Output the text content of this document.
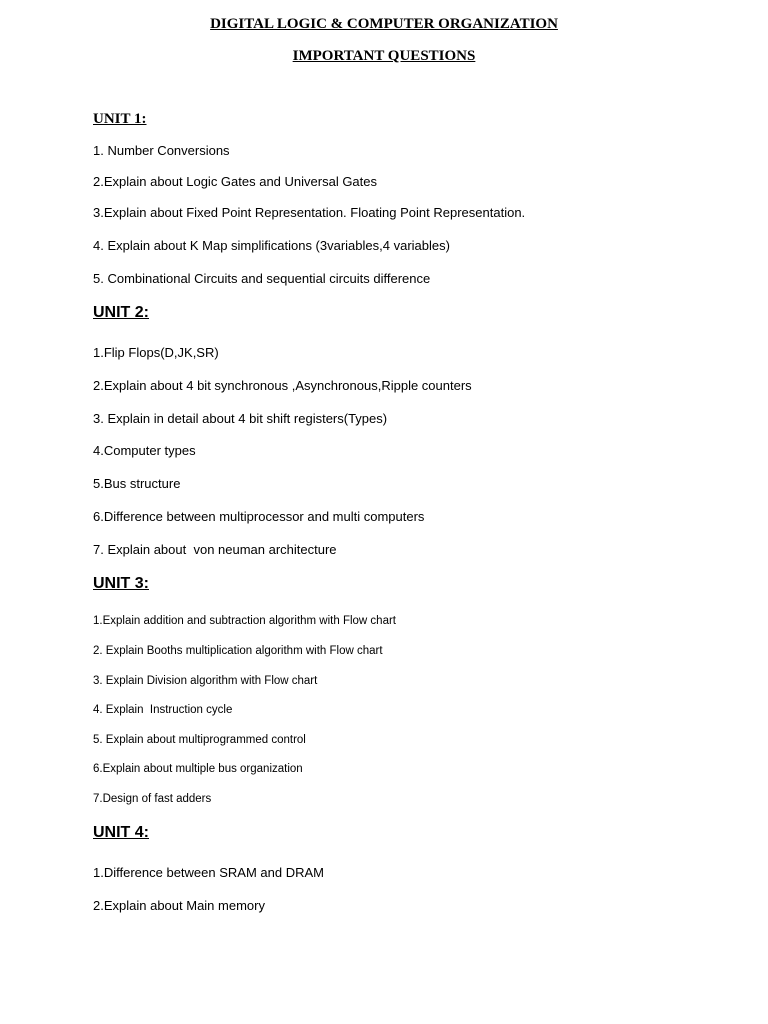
DIGITAL LOGIC & COMPUTER ORGANIZATION
IMPORTANT QUESTIONS
UNIT 1:
1. Number Conversions
2.Explain about Logic Gates and Universal Gates
3.Explain about Fixed Point Representation. Floating Point Representation.
4. Explain about K Map simplifications (3variables,4 variables)
5. Combinational Circuits and sequential circuits difference
UNIT 2:
1.Flip Flops(D,JK,SR)
2.Explain about 4 bit synchronous ,Asynchronous,Ripple counters
3. Explain in detail about 4 bit shift registers(Types)
4.Computer types
5.Bus structure
6.Difference between multiprocessor and multi computers
7. Explain about  von neuman architecture
UNIT 3:
1.Explain addition and subtraction algorithm with Flow chart
2. Explain Booths multiplication algorithm with Flow chart
3. Explain Division algorithm with Flow chart
4. Explain  Instruction cycle
5. Explain about multiprogrammed control
6.Explain about multiple bus organization
7.Design of fast adders
UNIT 4:
1.Difference between SRAM and DRAM
2.Explain about Main memory
